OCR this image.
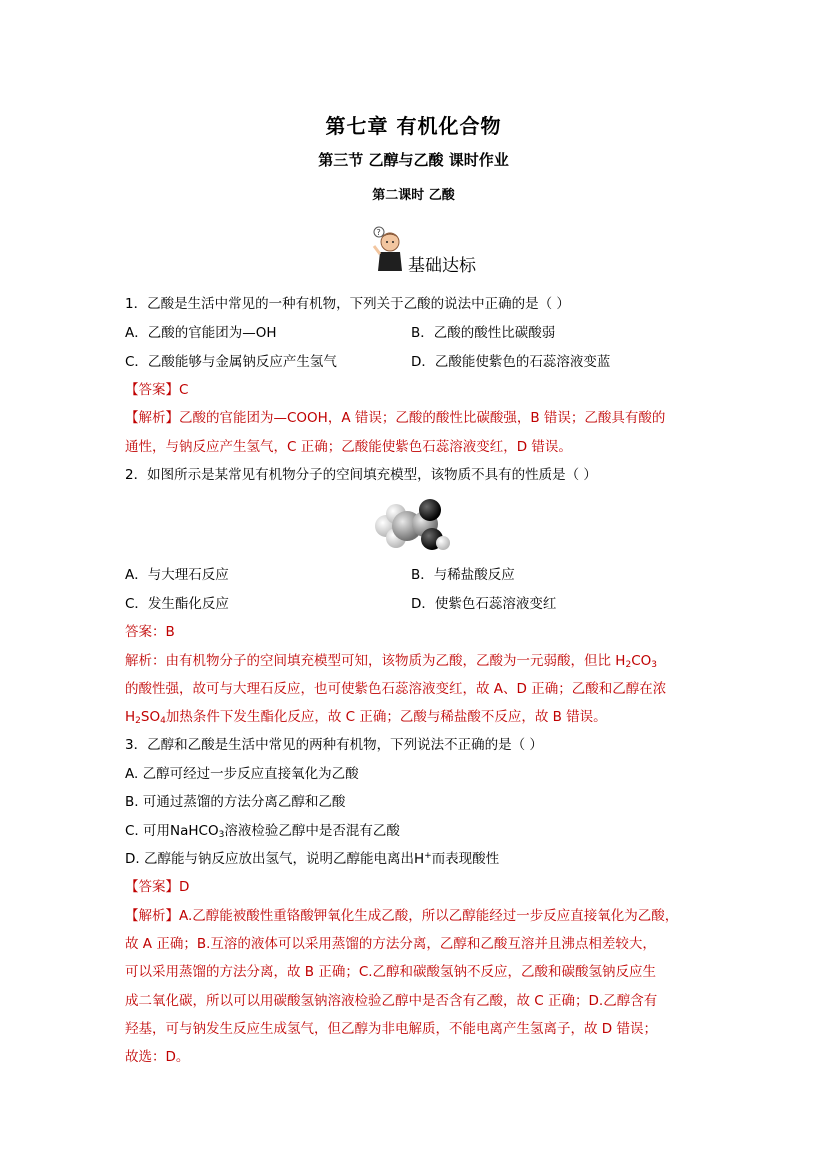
第七章 有机化合物
第三节 乙醇与乙酸 课时作业
第二课时 乙酸
?
基础达标
1．乙酸是生活中常见的一种有机物，下列关于乙酸的说法中正确的是（ ）
A．乙酸的官能团为—OH	B．乙酸的酸性比碳酸弱
C．乙酸能够与金属钠反应产生氢气	D．乙酸能使紫色的石蕊溶液变蓝
【答案】C
【解析】乙酸的官能团为—COOH，A 错误；乙酸的酸性比碳酸强，B 错误；乙酸具有酸的
通性，与钠反应产生氢气，C 正确；乙酸能使紫色石蕊溶液变红，D 错误。
2．如图所示是某常见有机物分子的空间填充模型，该物质不具有的性质是（ ）
A．与大理石反应	B．与稀盐酸反应
C．发生酯化反应	D．使紫色石蕊溶液变红
答案：B
解析：由有机物分子的空间填充模型可知，该物质为乙酸，乙酸为一元弱酸，但比 $H_2CO_3$
的酸性强，故可与大理石反应，也可使紫色石蕊溶液变红，故 A、D 正确；乙酸和乙醇在浓
$H_2SO_4$加热条件下发生酯化反应，故 C 正确；乙酸与稀盐酸不反应，故 B 错误。
3．乙醇和乙酸是生活中常见的两种有机物，下列说法不正确的是（ ）
A. 乙醇可经过一步反应直接氧化为乙酸
B. 可通过蒸馏的方法分离乙醇和乙酸
C. 可用NaHCO$_3$溶液检验乙醇中是否混有乙酸
D. 乙醇能与钠反应放出氢气，说明乙醇能电离出H+而表现酸性
【答案】D
【解析】A.乙醇能被酸性重铬酸钾氧化生成乙酸，所以乙醇能经过一步反应直接氧化为乙酸，
故 A 正确；B.互溶的液体可以采用蒸馏的方法分离，乙醇和乙酸互溶并且沸点相差较大，
可以采用蒸馏的方法分离，故 B 正确；C.乙醇和碳酸氢钠不反应，乙酸和碳酸氢钠反应生
成二氧化碳，所以可以用碳酸氢钠溶液检验乙醇中是否含有乙酸，故 C 正确；D.乙醇含有
羟基，可与钠发生反应生成氢气，但乙醇为非电解质，不能电离产生氢离子，故 D 错误；
故选：D。
